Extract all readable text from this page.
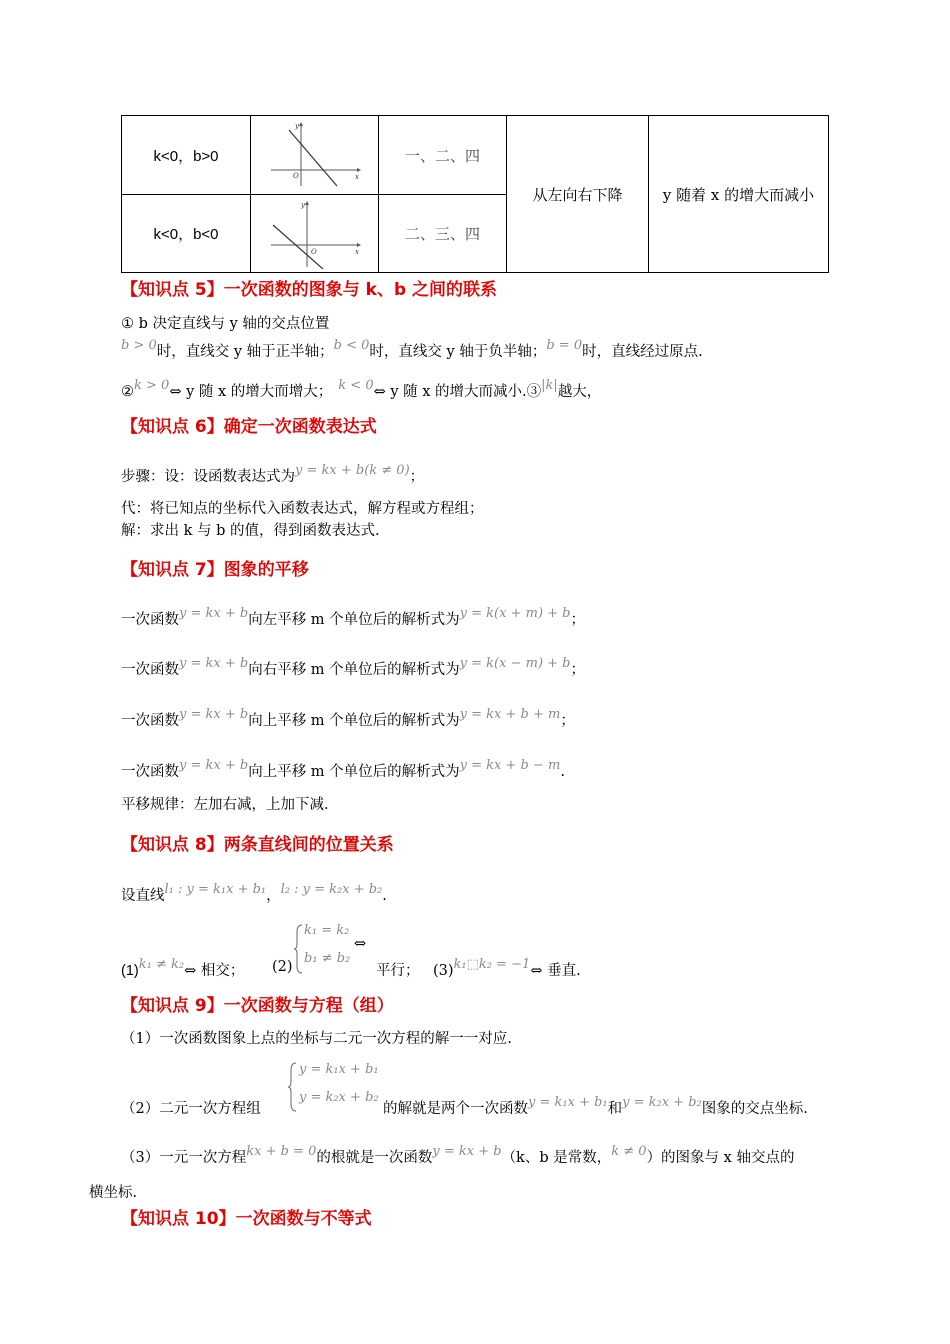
k<0，b>0
y
x
O
一、二、四
k<0，b<0
y
x
O
二、三、四
从左向右下降	y 随着 x 的增大而减小
【知识点 5】一次函数的图象与 k、b 之间的联系
① b 决定直线与 y 轴的交点位置
b > 0时，直线交 y 轴于正半轴；b < 0时，直线交 y 轴于负半轴；b = 0时，直线经过原点.
②k > 0⇔ y 随 x 的增大而增大； k < 0⇔ y 随 x 的增大而减小.③|k|越大，
【知识点 6】确定一次函数表达式
步骤：设：设函数表达式为y = kx + b(k ≠ 0)；
代：将已知点的坐标代入函数表达式，解方程或方程组；
解：求出 k 与 b 的值，得到函数表达式.
【知识点 7】图象的平移
一次函数y = kx + b向左平移 m 个单位后的解析式为y = k(x + m) + b；
一次函数y = kx + b向右平移 m 个单位后的解析式为y = k(x − m) + b；
一次函数y = kx + b向上平移 m 个单位后的解析式为y = kx + b + m；
一次函数y = kx + b向上平移 m 个单位后的解析式为y = kx + b − m.
平移规律：左加右减，上加下减.
【知识点 8】两条直线间的位置关系
设直线l₁ : y = k₁x + b₁，l₂ : y = k₂x + b₂.
(1)k₁ ≠ k₂⇔ 相交； (2)
k₁ = k₂
b₁ ≠ b₂
⇔
平行； (3)k₁⬚k₂ = −1⇔ 垂直.
【知识点 9】一次函数与方程（组）
（1）一次函数图象上点的坐标与二元一次方程的解一一对应.
（2）二元一次方程组
y = k₁x + b₁
y = k₂x + b₂
的解就是两个一次函数y = k₁x + b₁和y = k₂x + b₂图象的交点坐标.
（3）一元一次方程kx + b = 0的根就是一次函数y = kx + b（k、b 是常数，k ≠ 0）的图象与 x 轴交点的
横坐标.
【知识点 10】一次函数与不等式
